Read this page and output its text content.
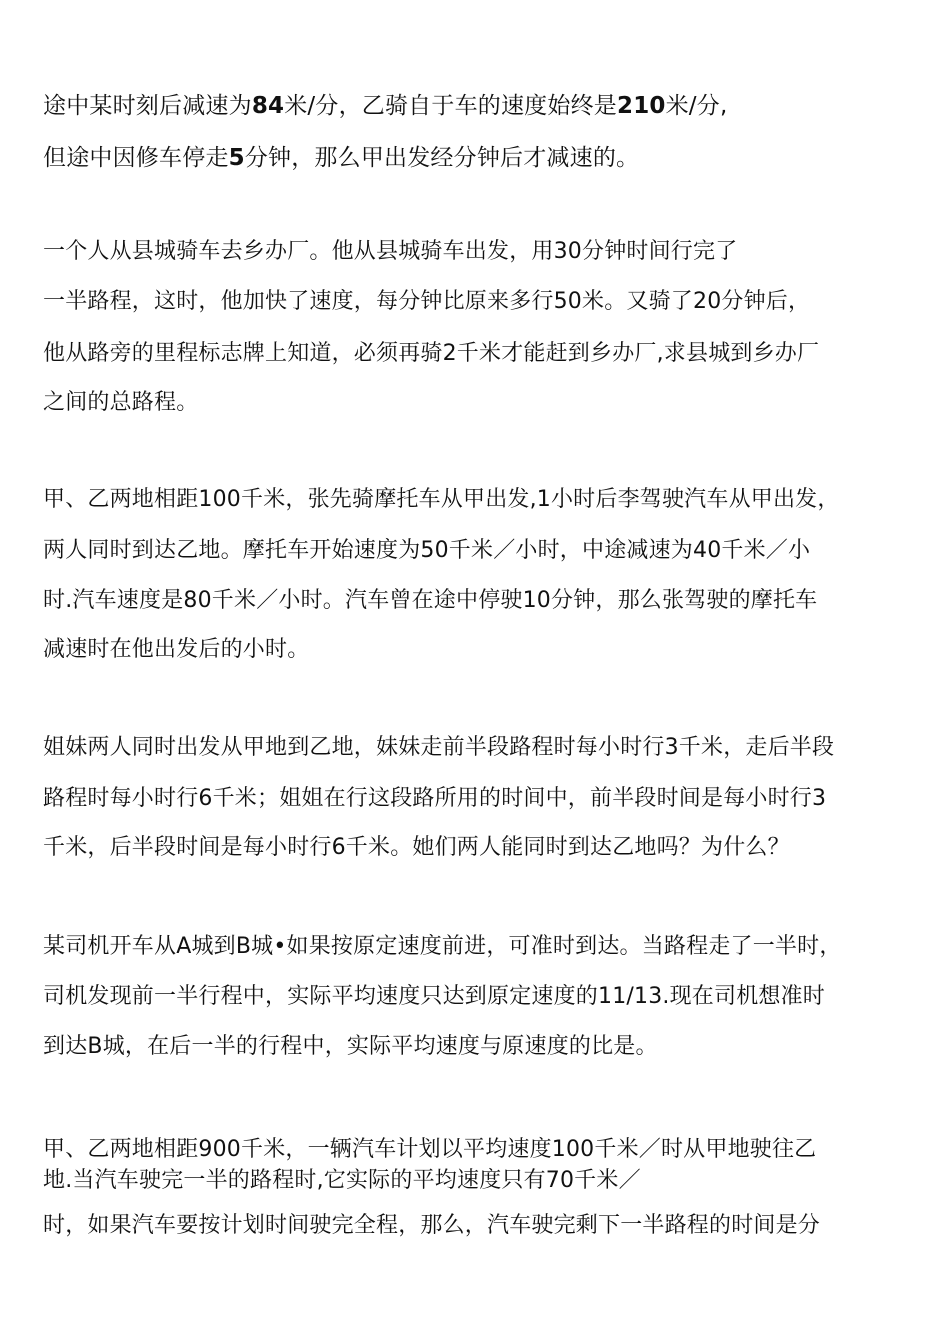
途中某时刻后减速为84米/分，乙骑自于车的速度始终是210米/分,
但途中因修车停走5分钟，那么甲出发经分钟后才减速的。
一个人从县城骑车去乡办厂。他从县城骑车出发，用30分钟时间行完了
一半路程，这时，他加快了速度，每分钟比原来多行50米。又骑了20分钟后，
他从路旁的里程标志牌上知道，必须再骑2千米才能赶到乡办厂,求县城到乡办厂
之间的总路程。
甲、乙两地相距100千米，张先骑摩托车从甲出发,1小时后李驾驶汽车从甲出发，
两人同时到达乙地。摩托车开始速度为50千米／小时，中途减速为40千米／小
时.汽车速度是80千米／小时。汽车曾在途中停驶10分钟，那么张驾驶的摩托车
减速时在他出发后的小时。
姐妹两人同时出发从甲地到乙地，妹妹走前半段路程时每小时行3千米，走后半段
路程时每小时行6千米；姐姐在行这段路所用的时间中，前半段时间是每小时行3
千米，后半段时间是每小时行6千米。她们两人能同时到达乙地吗？为什么？
某司机开车从A城到B城•如果按原定速度前进，可准时到达。当路程走了一半时，
司机发现前一半行程中，实际平均速度只达到原定速度的11/13.现在司机想准时
到达B城，在后一半的行程中，实际平均速度与原速度的比是。
甲、乙两地相距900千米，一辆汽车计划以平均速度100千米／时从甲地驶往乙
地.当汽车驶完一半的路程时,它实际的平均速度只有70千米／
时，如果汽车要按计划时间驶完全程，那么，汽车驶完剩下一半路程的时间是分
